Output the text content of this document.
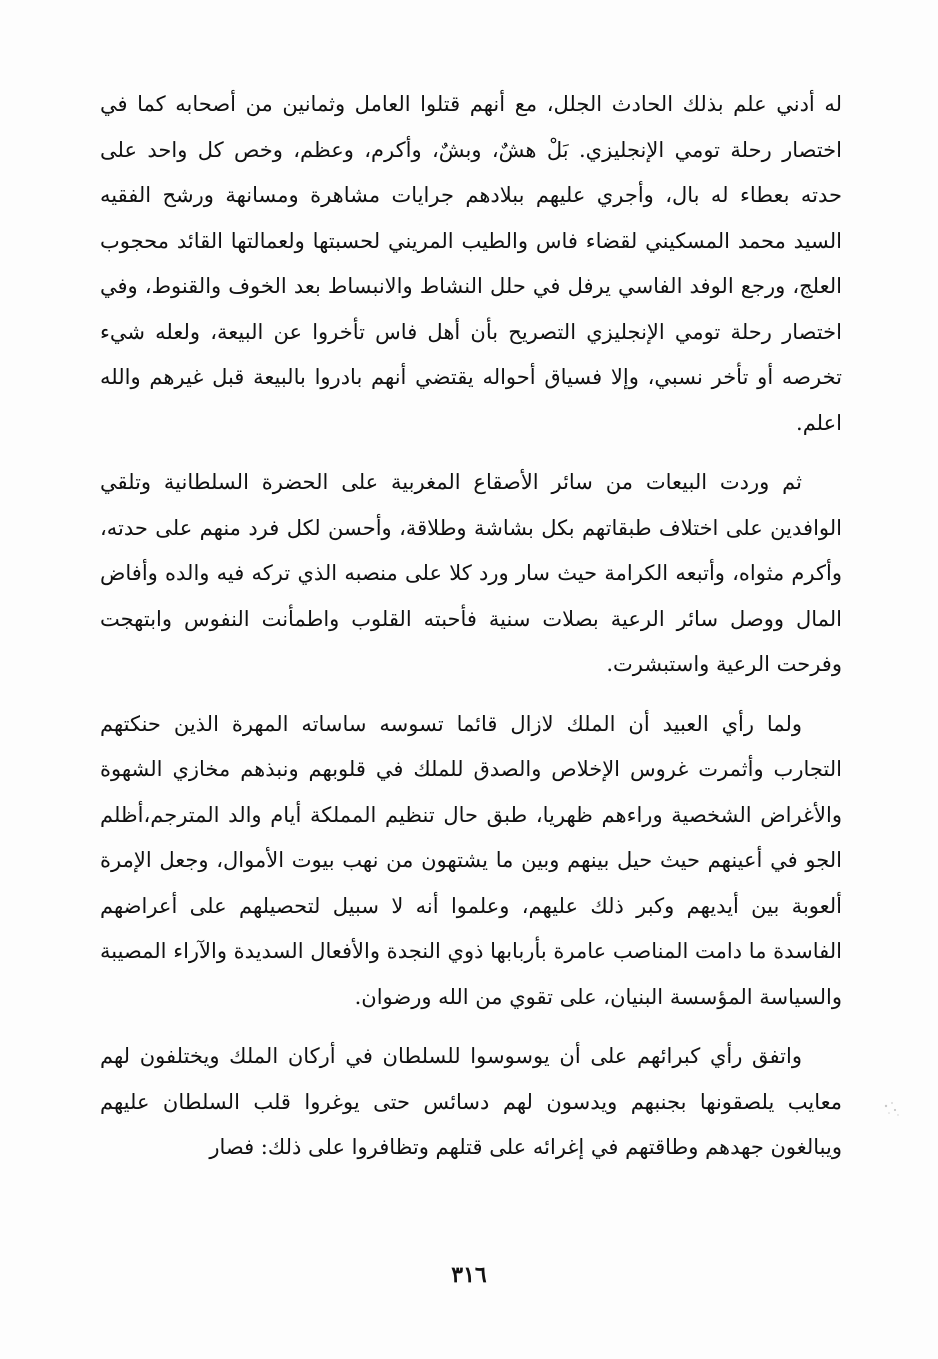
له أدني علم بذلك الحادث الجلل، مع أنهم قتلوا العامل وثمانين من أصحابه كما في اختصار رحلة تومي الإنجليزي. بَلْ هشٌ، وبشٌ، وأكرم، وعظم، وخص كل واحد على حدته بعطاء له بال، وأجري عليهم ببلادهم جرايات مشاهرة ومسانهة ورشح الفقيه السيد محمد المسكيني لقضاء فاس والطيب المريني لحسبتها ولعمالتها القائد محجوب العلج، ورجع الوفد الفاسي يرفل في حلل النشاط والانبساط بعد الخوف والقنوط، وفي اختصار رحلة تومي الإنجليزي التصريح بأن أهل فاس تأخروا عن البيعة، ولعله شيء تخرصه أو تأخر نسبي، وإلا فسياق أحواله يقتضي أنهم بادروا بالبيعة قبل غيرهم والله اعلم.

ثم وردت البيعات من سائر الأصقاع المغربية على الحضرة السلطانية وتلقي الوافدين على اختلاف طبقاتهم بكل بشاشة وطلاقة، وأحسن لكل فرد منهم على حدته، وأكرم مثواه، وأتبعه الكرامة حيث سار ورد كلا على منصبه الذي تركه فيه والده وأفاض المال ووصل سائر الرعية بصلات سنية فأحبته القلوب واطمأنت النفوس وابتهجت وفرحت الرعية واستبشرت.

ولما رأي العبيد أن الملك لازال قائما تسوسه ساساته المهرة الذين حنكتهم التجارب وأثمرت غروس الإخلاص والصدق للملك في قلوبهم ونبذهم مخازي الشهوة والأغراض الشخصية وراءهم ظهريا، طبق حال تنظيم المملكة أيام والد المترجم،أظلم الجو في أعينهم حيث حيل بينهم وبين ما يشتهون من نهب بيوت الأموال، وجعل الإمرة ألعوبة بين أيديهم وكبر ذلك عليهم، وعلموا أنه لا سبيل لتحصيلهم على أعراضهم الفاسدة ما دامت المناصب عامرة بأربابها ذوي النجدة والأفعال السديدة والآراء المصيبة والسياسة المؤسسة البنيان، على تقوي من الله ورضوان.

واتفق رأي كبرائهم على أن يوسوسوا للسلطان في أركان الملك ويختلفون لهم معايب يلصقونها بجنبهم ويدسون لهم دسائس حتى يوغروا قلب السلطان عليهم ويبالغون جهدهم وطاقتهم في إغرائه على قتلهم وتظافروا على ذلك: فصار

٣١٦
